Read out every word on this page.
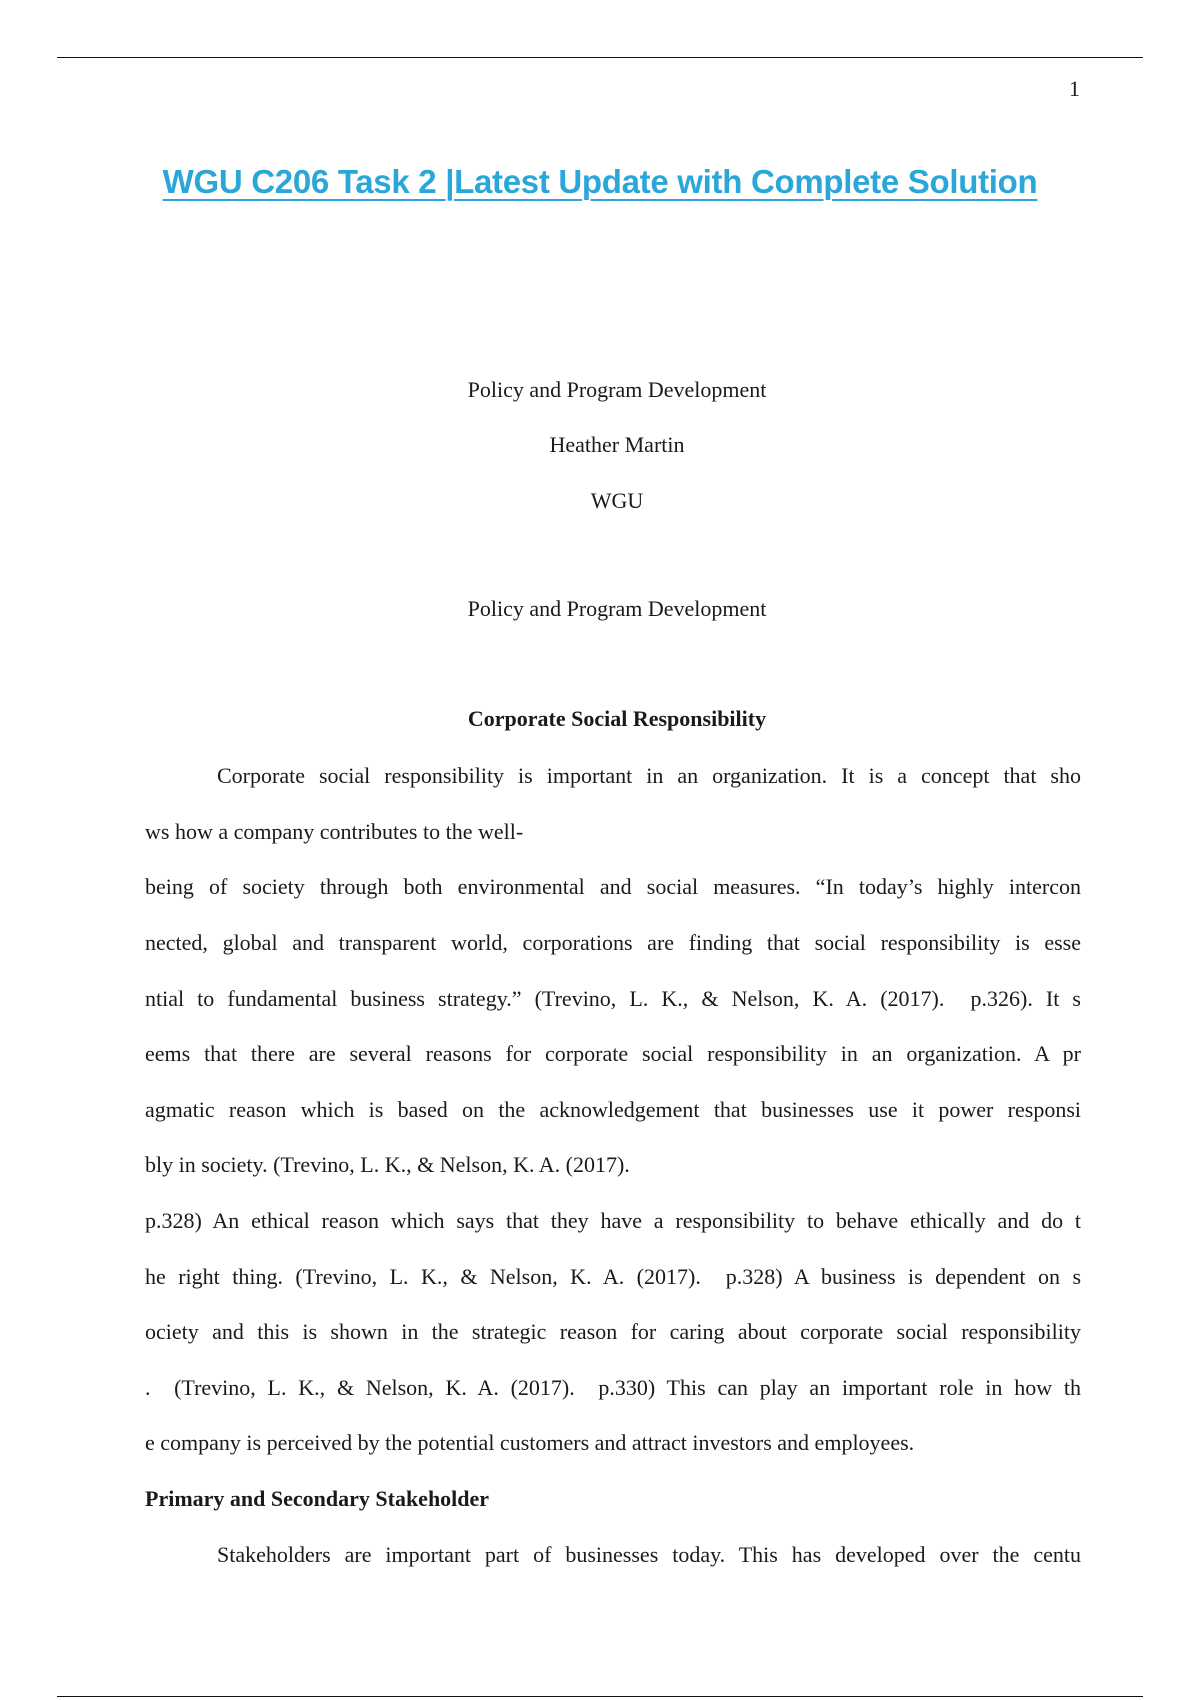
1
WGU C206 Task 2 |Latest Update with Complete Solution
Policy and Program Development
Heather Martin
WGU
Policy and Program Development
Corporate Social Responsibility
Corporate social responsibility is important in an organization. It is a concept that sho
ws how a company contributes to the well-
being of society through both environmental and social measures. “In today’s highly intercon
nected, global and transparent world, corporations are finding that social responsibility is esse
ntial to fundamental business strategy.” (Trevino, L. K., & Nelson, K. A. (2017).  p.326). It s
eems that there are several reasons for corporate social responsibility in an organization. A pr
agmatic reason which is based on the acknowledgement that businesses use it power responsi
bly in society. (Trevino, L. K., & Nelson, K. A. (2017).
p.328) An ethical reason which says that they have a responsibility to behave ethically and do t
he right thing. (Trevino, L. K., & Nelson, K. A. (2017).  p.328) A business is dependent on s
ociety and this is shown in the strategic reason for caring about corporate social responsibility
.  (Trevino, L. K., & Nelson, K. A. (2017).  p.330) This can play an important role in how th
e company is perceived by the potential customers and attract investors and employees.
Primary and Secondary Stakeholder
Stakeholders are important part of businesses today. This has developed over the centu
